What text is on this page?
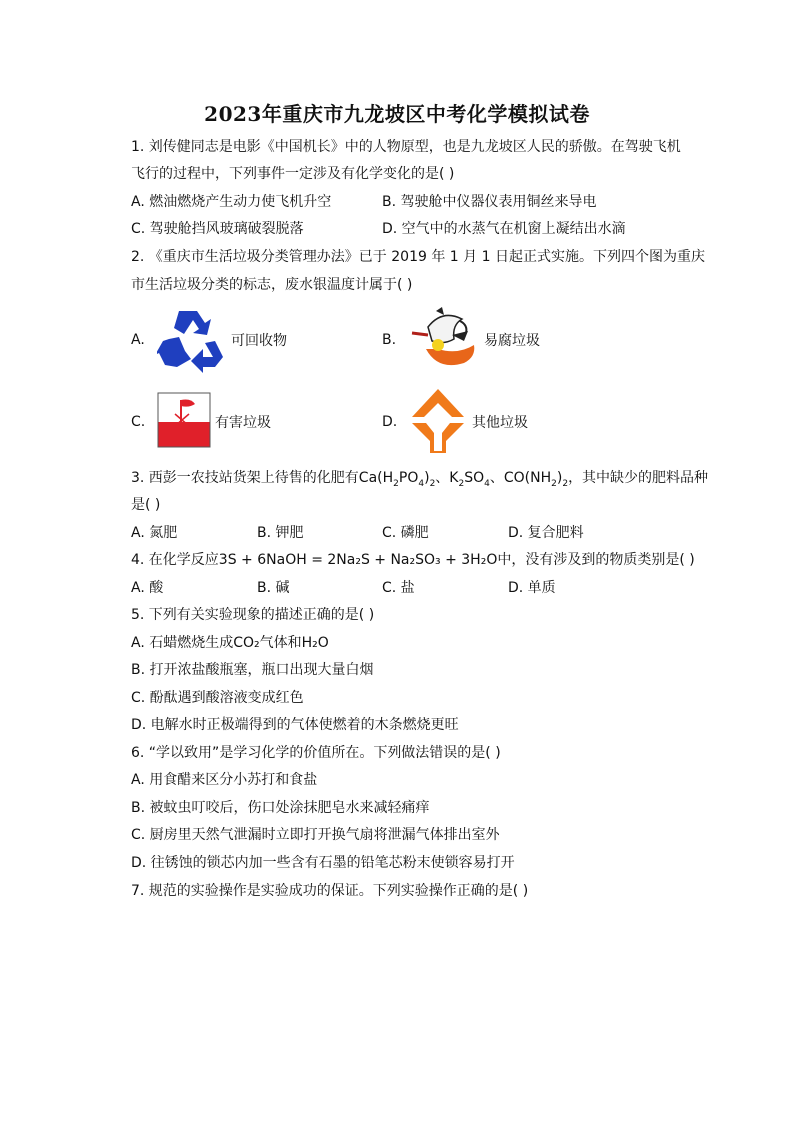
2023年重庆市九龙坡区中考化学模拟试卷
1. 刘传健同志是电影《中国机长》中的人物原型，也是九龙坡区人民的骄傲。在驾驶飞机
飞行的过程中，下列事件一定涉及有化学变化的是( )
A. 燃油燃烧产生动力使飞机升空	B. 驾驶舱中仪器仪表用铜丝来导电
C. 驾驶舱挡风玻璃破裂脱落	D. 空气中的水蒸气在机窗上凝结出水滴
2. 《重庆市生活垃圾分类管理办法》已于 2019 年 1 月 1 日起正式实施。下列四个图为重庆
市生活垃圾分类的标志，废水银温度计属于( )
A.	可回收物	B.	易腐垃圾
C.	有害垃圾	D.	其他垃圾
3. 西彭一农技站货架上待售的化肥有$Ca(H_2PO_4)_2$、$K_2SO_4$、$CO(NH_2)_2$，其中缺少的肥料品种
是( )
A. 氮肥	B. 钾肥	C. 磷肥	D. 复合肥料
4. 在化学反应3S + 6NaOH = 2Na₂S + Na₂SO₃ + 3H₂O中，没有涉及到的物质类别是( )
A. 酸	B. 碱	C. 盐	D. 单质
5. 下列有关实验现象的描述正确的是( )
A. 石蜡燃烧生成CO₂气体和H₂O
B. 打开浓盐酸瓶塞，瓶口出现大量白烟
C. 酚酞遇到酸溶液变成红色
D. 电解水时正极端得到的气体使燃着的木条燃烧更旺
6. “学以致用”是学习化学的价值所在。下列做法错误的是( )
A. 用食醋来区分小苏打和食盐
B. 被蚊虫叮咬后，伤口处涂抹肥皂水来减轻痛痒
C. 厨房里天然气泄漏时立即打开换气扇将泄漏气体排出室外
D. 往锈蚀的锁芯内加一些含有石墨的铅笔芯粉末使锁容易打开
7. 规范的实验操作是实验成功的保证。下列实验操作正确的是( )
